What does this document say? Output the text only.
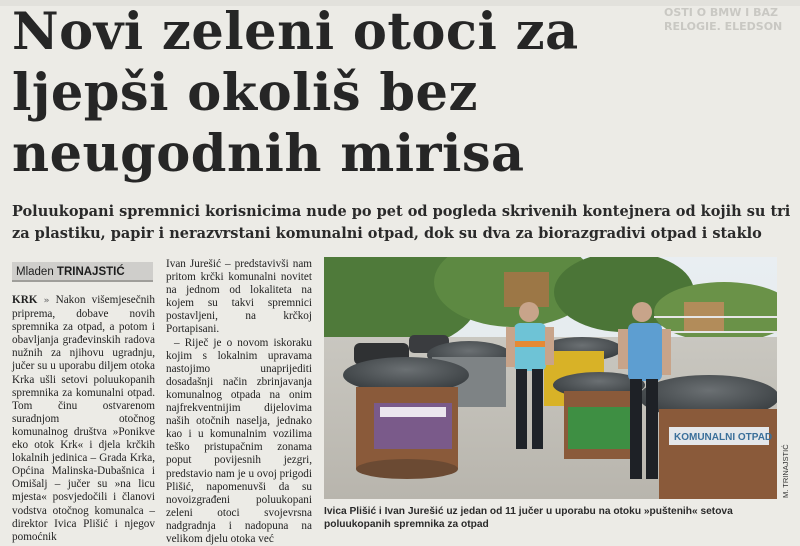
OSTI O BMW I BAZ
RELOGIE. ELEDSON
Novi zeleni otoci za ljepši okoliš bez neugodnih mirisa

Poluukopani spremnici korisnicima nude po pet od pogleda skrivenih kontejnera od kojih su tri za plastiku, papir i nerazvrstani komunalni otpad, dok su dva za biorazgradivi otpad i staklo

Mladen TRINAJSTIĆ

KRK » Nakon višemjesečnih priprema, dobave novih spremnika za otpad, a potom i obavljanja građevinskih radova nužnih za njihovu ugradnju, jučer su u uporabu diljem otoka Krka ušli setovi poluukopanih spremnika za komunalni otpad. Tom činu ostvarenom suradnjom otočnog komunalnog društva »Ponikve eko otok Krk« i djela krčkih lokalnih jedinica – Grada Krka, Općina Malinska-Dubašnica i Omišalj – jučer su »na licu mjesta« posvjedočili i članovi vodstva otočnog komunalca – direktor Ivica Plišić i njegov pomoćnik

Ivan Jurešić – predstavivši nam pritom krčki komunalni novitet na jednom od lokaliteta na kojem su takvi spremnici postavljeni, na krčkoj Portapisani.

– Riječ je o novom iskoraku kojim s lokalnim upravama nastojimo unaprijediti dosadašnji način zbrinjavanja komunalnog otpada na onim najfrekventnijim dijelovima naših otočnih naselja, jednako kao i u komunalnim vozilima teško pristupačnim zonama poput povijesnih jezgri, predstavio nam je u ovoj prigodi Plišić, napomenuvši da su novoizgrađeni poluukopani zeleni otoci svojevrsna nadgradnja i nadopuna na velikom djelu otoka već

KOMUNALNI OTPAD
M. TRINAJSTIĆ

Ivica Plišić i Ivan Jurešić uz jedan od 11 jučer u uporabu na otoku »puštenih« setova poluukopanih spremnika za otpad
